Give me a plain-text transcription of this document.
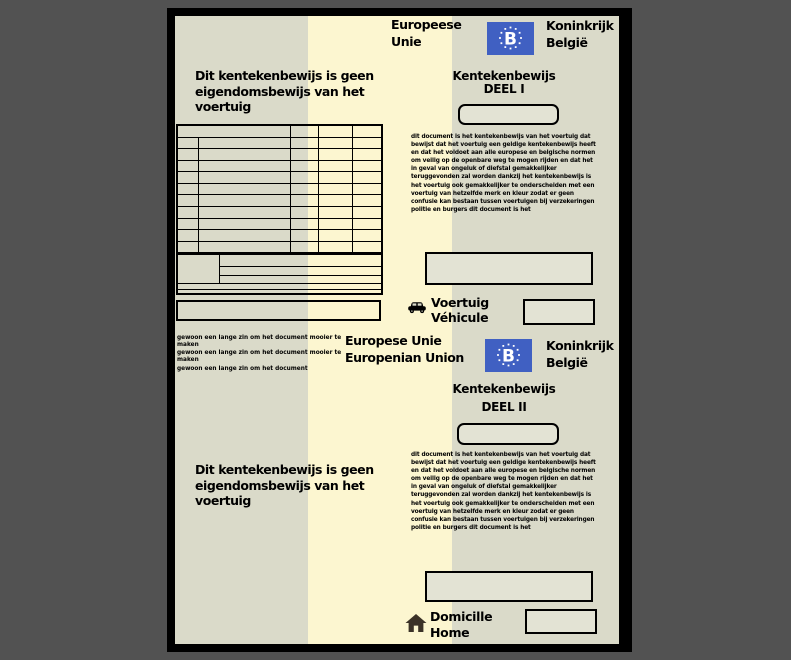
Europeese
Unie	B
Koninkrijk
België
Dit kentekenbewijs is geen
eigendomsbewijs van het
voertuig
Kentekenbewijs
DEEL I

gewoon een lange zin om het document mooier te maken

gewoon een lange zin om het document mooier te maken

gewoon een lange zin om het document

dit document is het kentekenbewijs van het voertuig dat bewijst dat het voertuig een geldige kentekenbewijs heeft en dat het voldoet aan alle europese en belgische normen om veilig op de openbare weg te mogen rijden en dat het in geval van ongeluk of diefstal gemakkelijker teruggevonden zal worden dankzij het kentekenbewijs is het voertuig ook gemakkelijker te onderscheiden met een voertuig van hetzelfde merk en kleur zodat er geen confusie kan bestaan tussen voertuigen bij verzekeringen politie en burgers dit document is het
Voertuig
Véhicule
Europese Unie
Europenian Union B
Koninkrijk
België
Kentekenbewijs
DEEL II
dit document is het kentekenbewijs van het voertuig dat bewijst dat het voertuig een geldige kentekenbewijs heeft en dat het voldoet aan alle europese en belgische normen om veilig op de openbare weg te mogen rijden en dat het in geval van ongeluk of diefstal gemakkelijker teruggevonden zal worden dankzij het kentekenbewijs is het voertuig ook gemakkelijker te onderscheiden met een voertuig van hetzelfde merk en kleur zodat er geen confusie kan bestaan tussen voertuigen bij verzekeringen politie en burgers dit document is het
Dit kentekenbewijs is geen
eigendomsbewijs van het
voertuig
Domicille
Home
